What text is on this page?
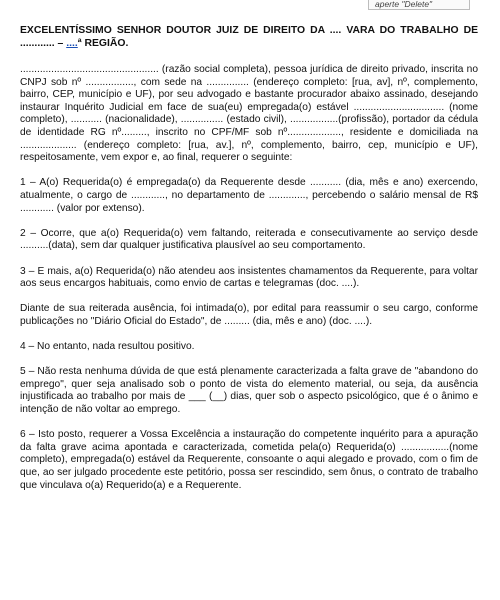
aperte "Delete"
EXCELENTÍSSIMO SENHOR DOUTOR JUIZ DE DIREITO DA .... VARA DO TRABALHO DE ............ – ....ª REGIÃO.

................................................. (razão social completa), pessoa jurídica de direito privado, inscrita no CNPJ sob nº ................., com sede na ............... (endereço completo: [rua, av], nº, complemento, bairro, CEP, município e UF), por seu advogado e bastante procurador abaixo assinado, desejando instaurar Inquérito Judicial em face de sua(eu) empregada(o) estável ................................ (nome completo), ........... (nacionalidade), ............... (estado civil), .................(profissão), portador da cédula de identidade RG nº........., inscrito no CPF/MF sob nº..................., residente e domiciliada na .................... (endereço completo: [rua, av.], nº, complemento, bairro, cep, município e UF), respeitosamente, vem expor e, ao final, requerer o seguinte:

1 – A(o) Requerida(o) é empregada(o) da Requerente desde ........... (dia, mês e ano) exercendo, atualmente, o cargo de ............, no departamento de ............., percebendo o salário mensal de R$ ............ (valor por extenso).

2 – Ocorre, que a(o) Requerida(o) vem faltando, reiterada e consecutivamente ao serviço desde ..........(data), sem dar qualquer justificativa plausível ao seu comportamento.

3 – E mais, a(o) Requerida(o) não atendeu aos insistentes chamamentos da Requerente, para voltar aos seus encargos habituais, como envio de cartas e telegramas (doc. ....).

Diante de sua reiterada ausência, foi intimada(o), por edital para reassumir o seu cargo, conforme publicações no "Diário Oficial do Estado", de ......... (dia, mês e ano) (doc. ....).

4 – No entanto, nada resultou positivo.

5 – Não resta nenhuma dúvida de que está plenamente caracterizada a falta grave de "abandono do emprego", quer seja analisado sob o ponto de vista do elemento material, ou seja, da ausência injustificada ao trabalho por mais de ___ (__) dias, quer sob o aspecto psicológico, que é o ânimo e intenção de não voltar ao emprego.

6 – Isto posto, requerer a Vossa Excelência a instauração do competente inquérito para a apuração da falta grave acima apontada e caracterizada, cometida pela(o) Requerida(o) .................(nome completo), empregada(o) estável da Requerente, consoante o aqui alegado e provado, com o fim de que, ao ser julgado procedente este petitório, possa ser rescindido, sem ônus, o contrato de trabalho que vinculava o(a) Requerido(a) e a Requerente.
